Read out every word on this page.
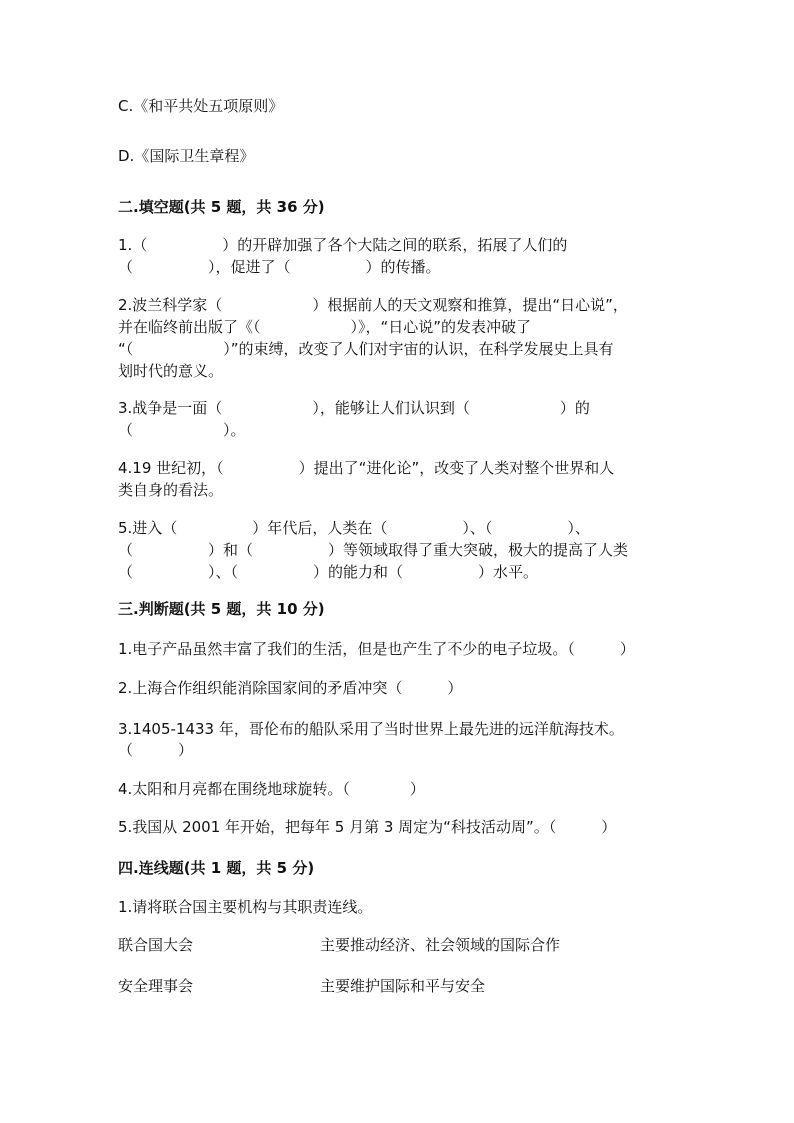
C.《和平共处五项原则》
D.《国际卫生章程》
二.填空题(共 5 题，共 36 分)
1.（　　　　　）的开辟加强了各个大陆之间的联系，拓展了人们的
（　　　　　），促进了（　　　　　）的传播。
2.波兰科学家（　　　　　　）根据前人的天文观察和推算，提出“日心说”，
并在临终前出版了《（　　　　　　）》，“日心说”的发表冲破了
“（　　　　　　）”的束缚，改变了人们对宇宙的认识，在科学发展史上具有
划时代的意义。
3.战争是一面（　　　　　　），能够让人们认识到（　　　　　　）的
（　　　　　　）。
4.19 世纪初，（　　　　　）提出了“进化论”，改变了人类对整个世界和人
类自身的看法。
5.进入（　　　　　）年代后，人类在（　　　　　）、（　　　　　）、
（　　　　　）和（　　　　　）等领域取得了重大突破，极大的提高了人类
（　　　　　）、（　　　　　）的能力和（　　　　　）水平。
三.判断题(共 5 题，共 10 分)
1.电子产品虽然丰富了我们的生活，但是也产生了不少的电子垃圾。（　　　）
2.上海合作组织能消除国家间的矛盾冲突（　　　）
3.1405-1433 年，哥伦布的船队采用了当时世界上最先进的远洋航海技术。
（　　　）
4.太阳和月亮都在围绕地球旋转。（　　　　）
5.我国从 2001 年开始，把每年 5 月第 3 周定为“科技活动周”。（　　　）
四.连线题(共 1 题，共 5 分)
1.请将联合国主要机构与其职责连线。
联合国大会	主要推动经济、社会领域的国际合作
安全理事会	主要维护国际和平与安全
